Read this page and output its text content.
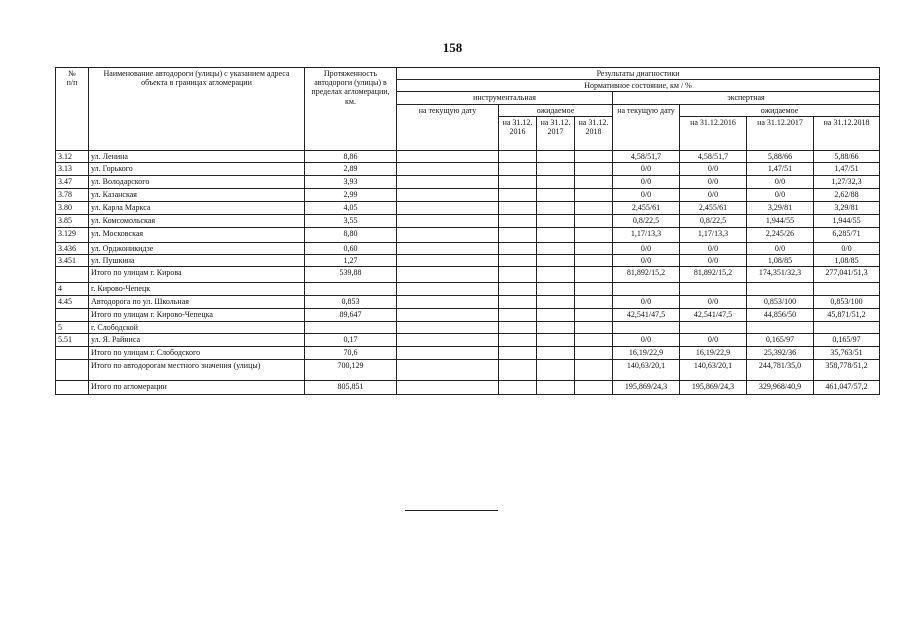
158
№
п/п	Наименование автодороги (улицы) с указанием адреса объекта в границах агломерации	Протяженность автодороги (улицы) в пределах агломерации, км.	Результаты диагностики							
			Нормативное состояние, км / %							
			инструментальная				экспертная			
			на текущую дату	ожидаемое			на текущую дату	ожидаемое		
				на 31.12. 2016	на 31.12. 2017	на 31.12. 2018		на 31.12.2016	на 31.12.2017	на 31.12.2018
3.12	ул. Ленина	8,86					4,58/51,7	4,58/51,7	5,88/66	5,88/66
3.13	ул. Горького	2,89					0/0	0/0	1,47/51	1,47/51
3.47	ул. Володарского	3,93					0/0	0/0	0/0	1,27/32,3
3.78	ул. Казанская	2,99					0/0	0/0	0/0	2,62/88
3.80	ул. Карла Маркса	4,05					2,455/61	2,455/61	3,29/81	3,29/81
3.85	ул. Комсомольская	3,55					0,8/22,5	0,8/22,5	1,944/55	1,944/55
3.129	ул. Московская	8,80					1,17/13,3	1,17/13,3	2,245/26	6,285/71
3.436	ул. Орджоникидзе	0,60					0/0	0/0	0/0	0/0
3.451	ул. Пушкина	1,27					0/0	0/0	1,08/85	1,08/85
	Итого по улицам г. Кирова	539,88					81,892/15,2	81,892/15,2	174,351/32,3	277,041/51,3
4	г. Кирово-Чепецк									
4.45	Автодорога по ул. Школьная	0,853					0/0	0/0	0,853/100	0,853/100
	Итого по улицам г. Кирово-Чепецка	89,647					42,541/47,5	42,541/47,5	44,856/50	45,871/51,2
5	г. Слободской									
5.51	ул. Я. Райниса	0,17					0/0	0/0	0,165/97	0,165/97
	Итого по улицам г. Слободского	70,6					16,19/22,9	16,19/22,9	25,392/36	35,763/51
	Итого по автодорогам местного значения (улицы)	700,129					140,63/20,1	140,63/20,1	244,781/35,0	358,778/51,2
	Итого по агломерации	805,851					195,869/24,3	195,869/24,3	329,968/40,9	461,047/57,2
